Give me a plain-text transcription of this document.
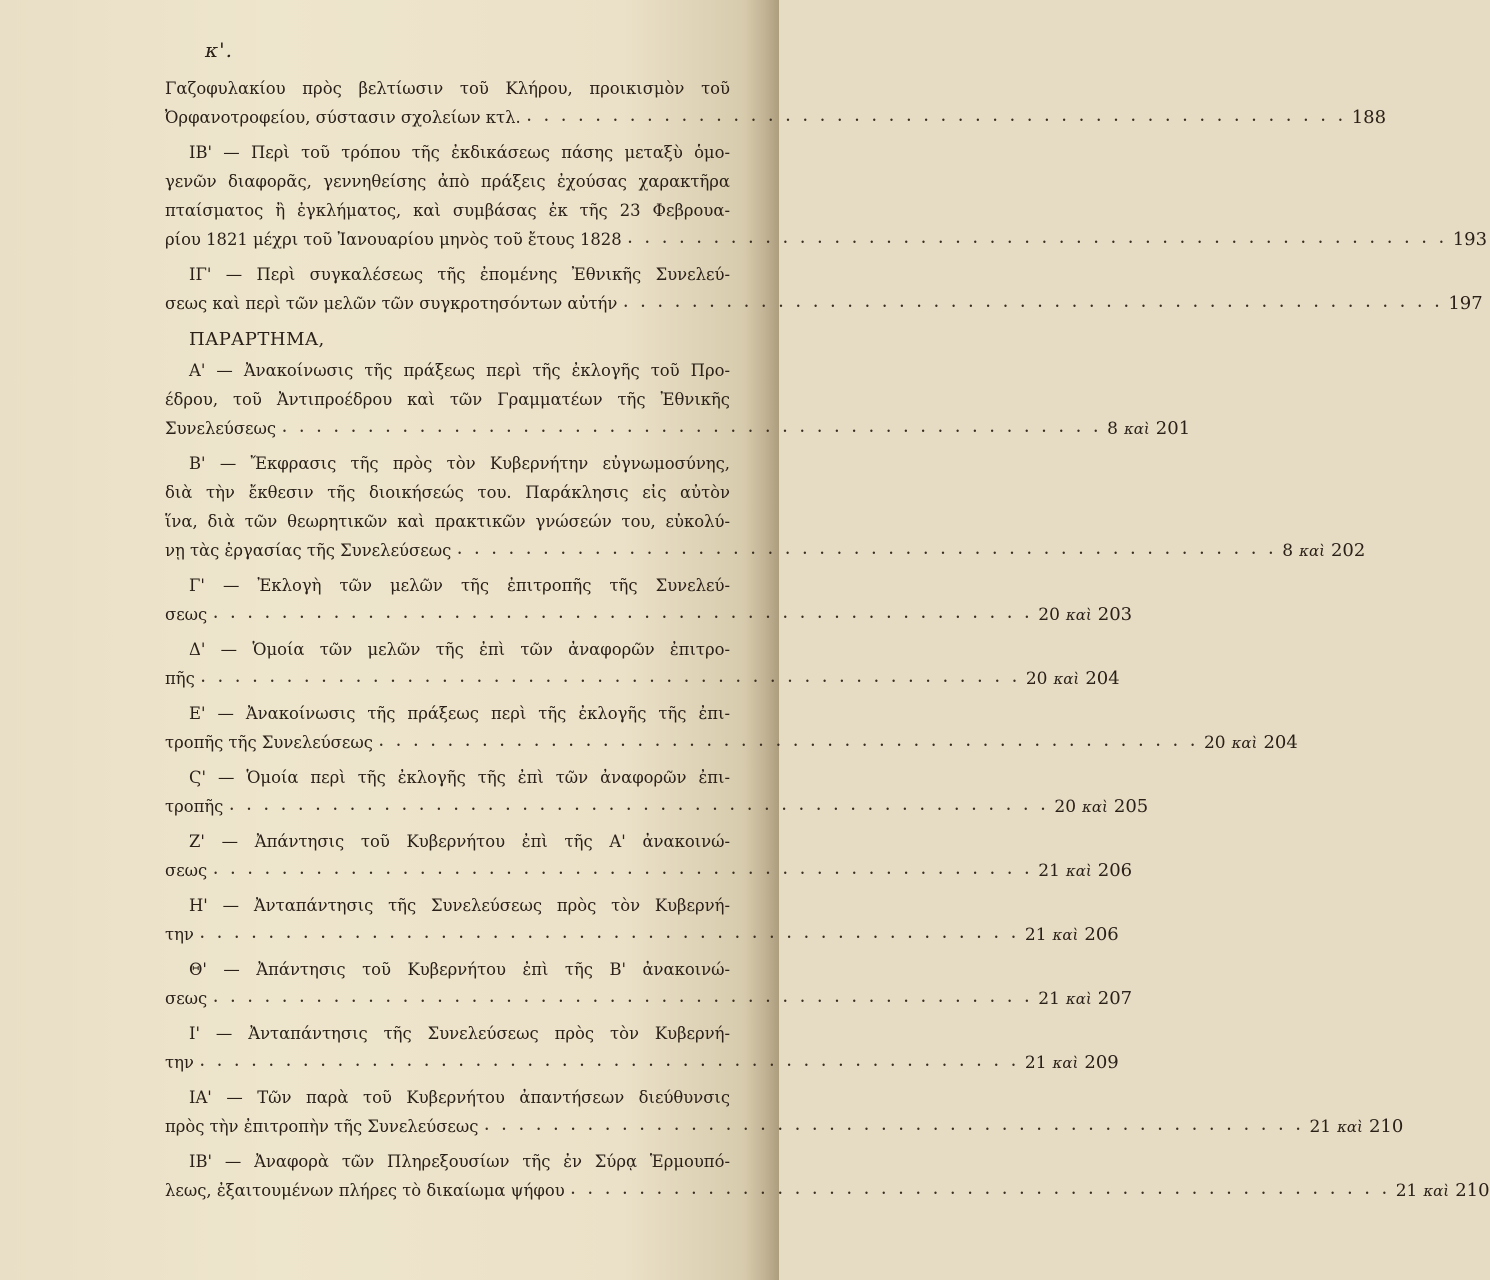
κ'.
Γαζοφυλακίου πρὸς βελτίωσιν τοῦ Κλήρου, προικισμὸν τοῦ
Ὀρφανοτροφείου, σύστασιν σχολείων κτλ. • • •	188
ΙΒ' — Περὶ τοῦ τρόπου τῆς ἐκδικάσεως πάσης μεταξὺ ὁμο-
γενῶν διαφορᾶς, γεννηθείσης ἀπὸ πράξεις ἐχούσας χαρακτῆρα
πταίσματος ἢ ἐγκλήματος, καὶ συμβάσας ἐκ τῆς 23 Φεβρουα-
ρίου 1821 μέχρι τοῦ Ἰανουαρίου μηνὸς τοῦ ἔτους 1828 • • •	193
ΙΓ' — Περὶ συγκαλέσεως τῆς ἐπομένης Ἐθνικῆς Συνελεύ-
σεως καὶ περὶ τῶν μελῶν τῶν συγκροτησόντων αὐτήν • • •	197
ΠΑΡΑΡΤΗΜΑ,
Α' — Ἀνακοίνωσις τῆς πράξεως περὶ τῆς ἐκλογῆς τοῦ Προ-
έδρου, τοῦ Ἀντιπροέδρου καὶ τῶν Γραμματέων τῆς Ἐθνικῆς
Συνελεύσεως • • •	8 καὶ 201
Β' — Ἔκφρασις τῆς πρὸς τὸν Κυβερνήτην εὐγνωμοσύνης,
διὰ τὴν ἔκθεσιν τῆς διοικήσεώς του. Παράκλησις εἰς αὐτὸν
ἵνα, διὰ τῶν θεωρητικῶν καὶ πρακτικῶν γνώσεών του, εὐκολύ-
νῃ τὰς ἐργασίας τῆς Συνελεύσεως • • •	8 καὶ 202
Γ' — Ἐκλογὴ τῶν μελῶν τῆς ἐπιτροπῆς τῆς Συνελεύ-
σεως • • •	20 καὶ 203
Δ' — Ὁμοία τῶν μελῶν τῆς ἐπὶ τῶν ἀναφορῶν ἐπιτρο-
πῆς • • •	20 καὶ 204
Ε' — Ἀνακοίνωσις τῆς πράξεως περὶ τῆς ἐκλογῆς τῆς ἐπι-
τροπῆς τῆς Συνελεύσεως • • •	20 καὶ 204
Ϛ' — Ὁμοία περὶ τῆς ἐκλογῆς τῆς ἐπὶ τῶν ἀναφορῶν ἐπι-
τροπῆς • • •	20 καὶ 205
Ζ' — Ἀπάντησις τοῦ Κυβερνήτου ἐπὶ τῆς Α' ἀνακοινώ-
σεως • • •	21 καὶ 206
Η' — Ἀνταπάντησις τῆς Συνελεύσεως πρὸς τὸν Κυβερνή-
την • • •	21 καὶ 206
Θ' — Ἀπάντησις τοῦ Κυβερνήτου ἐπὶ τῆς Β' ἀνακοινώ-
σεως • • •	21 καὶ 207
Ι' — Ἀνταπάντησις τῆς Συνελεύσεως πρὸς τὸν Κυβερνή-
την • • •	21 καὶ 209
ΙΑ' — Τῶν παρὰ τοῦ Κυβερνήτου ἀπαντήσεων διεύθυνσις
πρὸς τὴν ἐπιτροπὴν τῆς Συνελεύσεως • • •	21 καὶ 210
ΙΒ' — Ἀναφορὰ τῶν Πληρεξουσίων τῆς ἐν Σύρᾳ Ἑρμουπό-
λεως, ἐξαιτουμένων πλήρες τὸ δικαίωμα ψήφου • • •	21 καὶ 210
